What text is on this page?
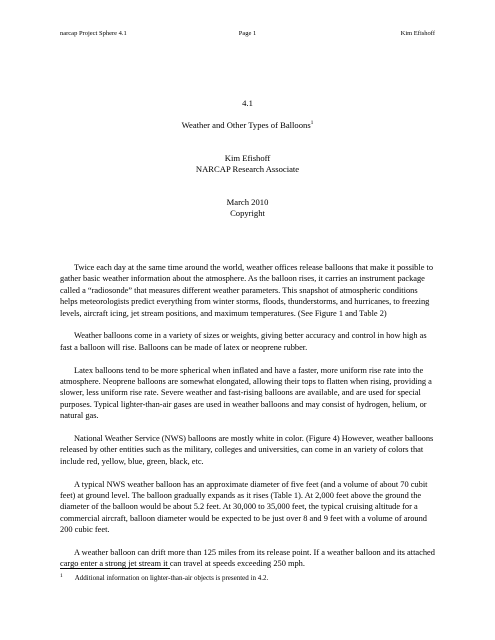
narcap Project Sphere 4.1	Page 1	Kim Efishoff
4.1
Weather and Other Types of Balloons$^1$
Kim Efishoff
NARCAP Research Associate
March 2010
Copyright

Twice each day at the same time around the world, weather offices release balloons that make it possible to gather basic weather information about the atmosphere. As the balloon rises, it carries an instrument package called a “radiosonde” that measures different weather parameters. This snapshot of atmospheric conditions helps meteorologists predict everything from winter storms, floods, thunderstorms, and hurricanes, to freezing levels, aircraft icing, jet stream positions, and maximum temperatures. (See Figure 1 and Table 2)

Weather balloons come in a variety of sizes or weights, giving better accuracy and control in how high as fast a balloon will rise. Balloons can be made of latex or neoprene rubber.

Latex balloons tend to be more spherical when inflated and have a faster, more uniform rise rate into the atmosphere. Neoprene balloons are somewhat elongated, allowing their tops to flatten when rising, providing a slower, less uniform rise rate. Severe weather and fast-rising balloons are available, and are used for special purposes. Typical lighter-than-air gases are used in weather balloons and may consist of hydrogen, helium, or natural gas.

National Weather Service (NWS) balloons are mostly white in color. (Figure 4) However, weather balloons released by other entities such as the military, colleges and universities, can come in an variety of colors that include red, yellow, blue, green, black, etc.

A typical NWS weather balloon has an approximate diameter of five feet (and a volume of about 70 cubit feet) at ground level. The balloon gradually expands as it rises (Table 1). At 2,000 feet above the ground the diameter of the balloon would be about 5.2 feet. At 30,000 to 35,000 feet, the typical cruising altitude for a commercial aircraft, balloon diameter would be expected to be just over 8 and 9 feet with a volume of around 200 cubic feet.

A weather balloon can drift more than 125 miles from its release point. If a weather balloon and its attached cargo enter a strong jet stream it can travel at speeds exceeding 250 mph.

$^1$ Additional information on lighter-than-air objects is presented in 4.2.
